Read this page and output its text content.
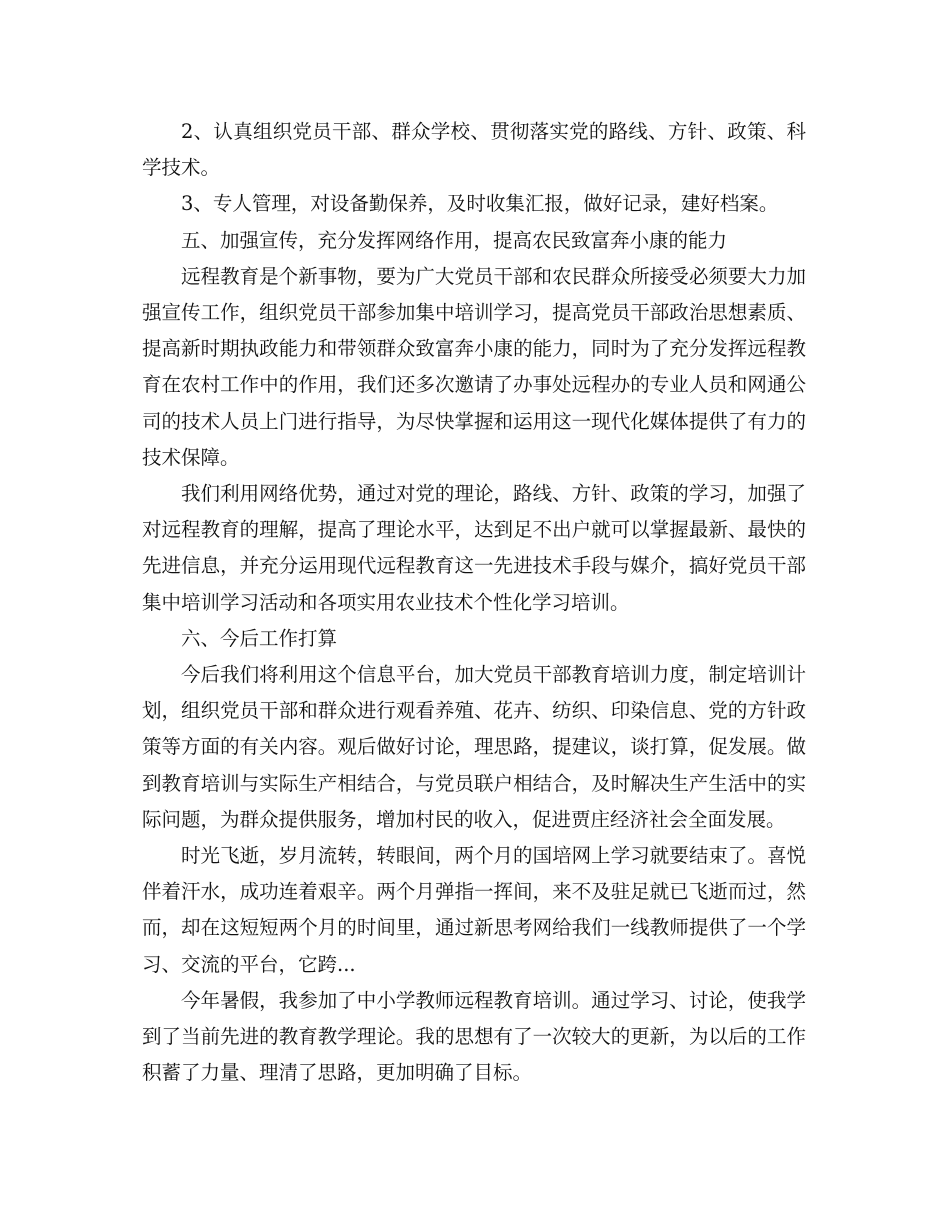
2、认真组织党员干部、群众学校、贯彻落实党的路线、方针、政策、科学技术。

3、专人管理，对设备勤保养，及时收集汇报，做好记录，建好档案。

五、加强宣传，充分发挥网络作用，提高农民致富奔小康的能力

远程教育是个新事物，要为广大党员干部和农民群众所接受必须要大力加强宣传工作，组织党员干部参加集中培训学习，提高党员干部政治思想素质、提高新时期执政能力和带领群众致富奔小康的能力，同时为了充分发挥远程教育在农村工作中的作用，我们还多次邀请了办事处远程办的专业人员和网通公司的技术人员上门进行指导，为尽快掌握和运用这一现代化媒体提供了有力的技术保障。

我们利用网络优势，通过对党的理论，路线、方针、政策的学习，加强了对远程教育的理解，提高了理论水平，达到足不出户就可以掌握最新、最快的先进信息，并充分运用现代远程教育这一先进技术手段与媒介，搞好党员干部集中培训学习活动和各项实用农业技术个性化学习培训。

六、今后工作打算

今后我们将利用这个信息平台，加大党员干部教育培训力度，制定培训计划，组织党员干部和群众进行观看养殖、花卉、纺织、印染信息、党的方针政策等方面的有关内容。观后做好讨论，理思路，提建议，谈打算，促发展。做到教育培训与实际生产相结合，与党员联户相结合，及时解决生产生活中的实际问题，为群众提供服务，增加村民的收入，促进贾庄经济社会全面发展。

时光飞逝，岁月流转，转眼间，两个月的国培网上学习就要结束了。喜悦伴着汗水，成功连着艰辛。两个月弹指一挥间，来不及驻足就已飞逝而过，然而，却在这短短两个月的时间里，通过新思考网给我们一线教师提供了一个学习、交流的平台，它跨...

今年暑假，我参加了中小学教师远程教育培训。通过学习、讨论，使我学到了当前先进的教育教学理论。我的思想有了一次较大的更新，为以后的工作积蓄了力量、理清了思路，更加明确了目标。
